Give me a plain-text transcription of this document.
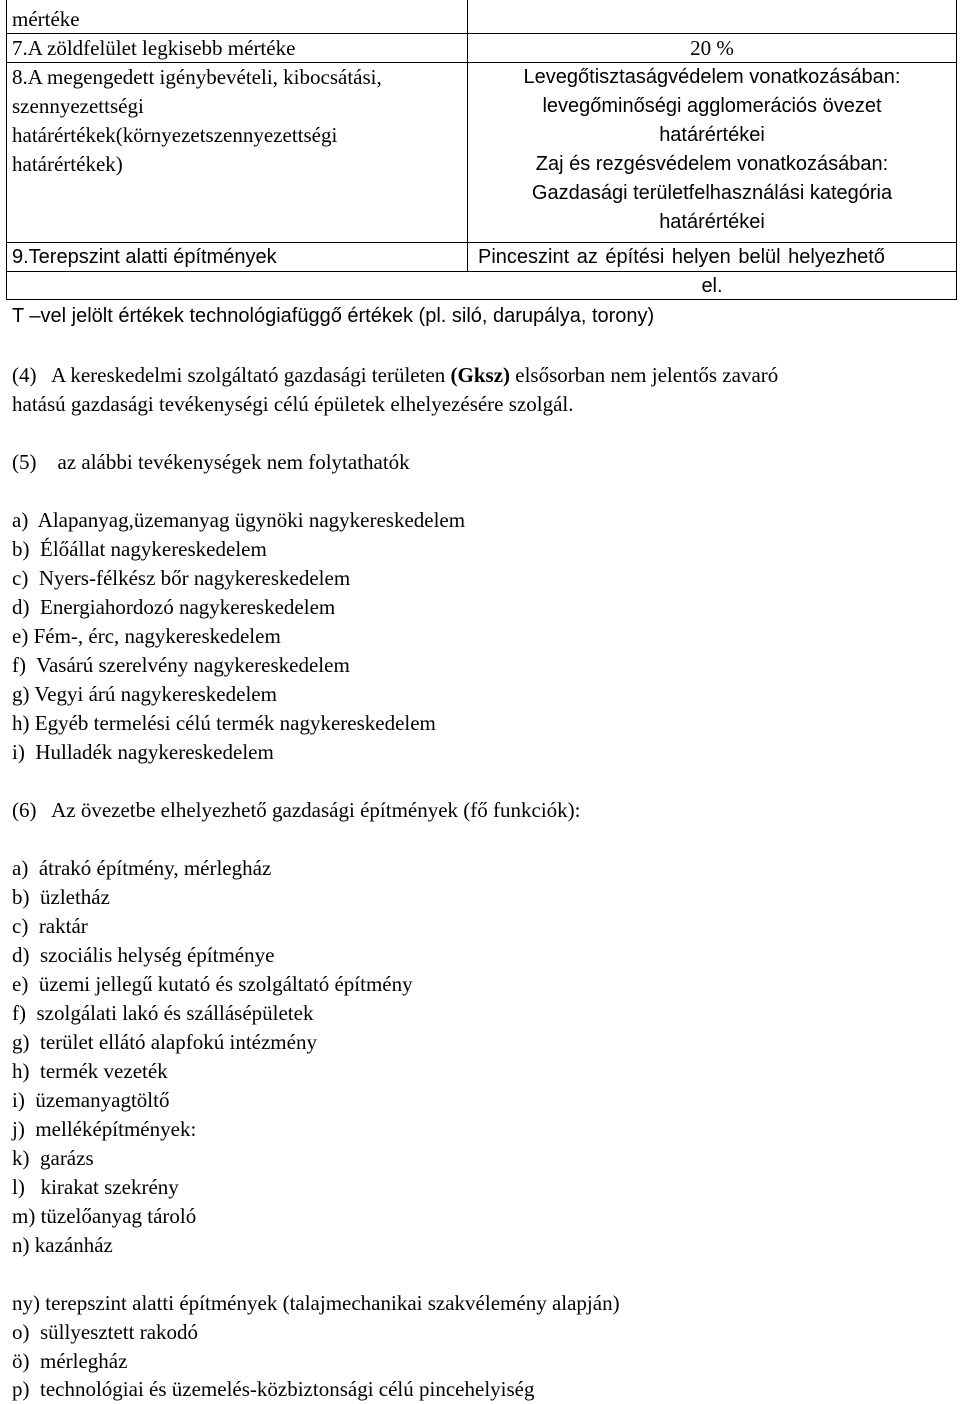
mértéke
7.A zöldfelület legkisebb mértéke	20 %
8.A megengedett igénybevételi, kibocsátási,
szennyezettségi
határértékek(környezetszennyezettségi
határértékek)
Levegőtisztaságvédelem vonatkozásában:
levegőminőségi agglomerációs övezet
határértékei
Zaj és rezgésvédelem vonatkozásában:
Gazdasági területfelhasználási kategória
határértékei
9.Terepszint alatti építmények	Pinceszint az építési helyen belül helyezhető
el.
T –vel jelölt értékek technológiafüggő értékek (pl. siló, darupálya, torony)
(4)   A kereskedelmi szolgáltató gazdasági területen (Gksz) elsősorban nem jelentős zavaró
hatású gazdasági tevékenységi célú épületek elhelyezésére szolgál.
(5)    az alábbi tevékenységek nem folytathatók
a)  Alapanyag,üzemanyag ügynöki nagykereskedelem
b)  Élőállat nagykereskedelem
c)  Nyers-félkész bőr nagykereskedelem
d)  Energiahordozó nagykereskedelem
e) Fém-, érc, nagykereskedelem
f)  Vasárú szerelvény nagykereskedelem
g) Vegyi árú nagykereskedelem
h) Egyéb termelési célú termék nagykereskedelem
i)  Hulladék nagykereskedelem
(6)   Az övezetbe elhelyezhető gazdasági építmények (fő funkciók):
a)  átrakó építmény, mérlegház
b)  üzletház
c)  raktár
d)  szociális helység építménye
e)  üzemi jellegű kutató és szolgáltató építmény
f)  szolgálati lakó és szállásépületek
g)  terület ellátó alapfokú intézmény
h)  termék vezeték
i)  üzemanyagtöltő
j)  melléképítmények:
k)  garázs
l)   kirakat szekrény
m) tüzelőanyag tároló
n) kazánház
ny) terepszint alatti építmények (talajmechanikai szakvélemény alapján)
o)  süllyesztett rakodó
ö)  mérlegház
p)  technológiai és üzemelés-közbiztonsági célú pincehelyiség
